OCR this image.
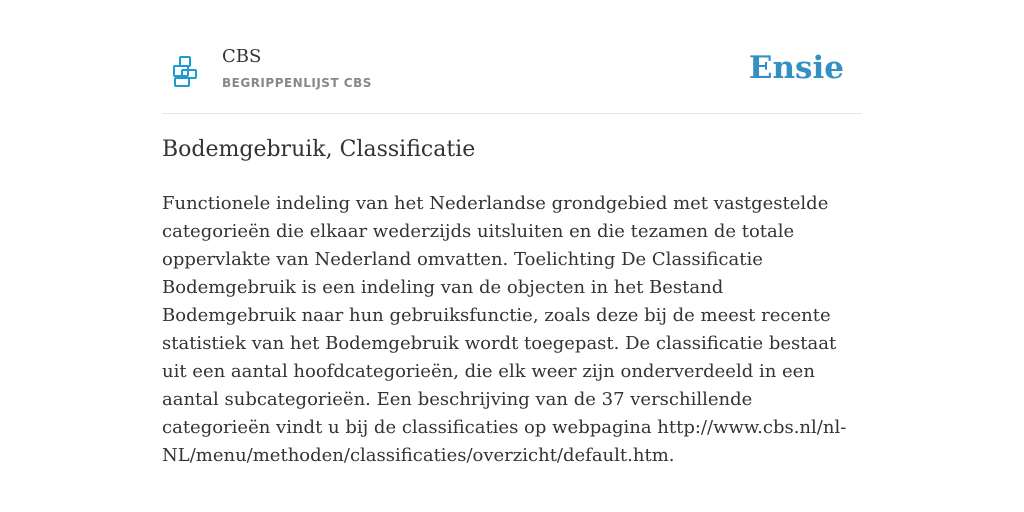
CBS
BEGRIPPENLIJST CBS	Ensie
Bodemgebruik, Classificatie

Functionele indeling van het Nederlandse grondgebied met vastgestelde categorieën die elkaar wederzijds uitsluiten en die tezamen de totale oppervlakte van Nederland omvatten. Toelichting De Classificatie Bodemgebruik is een indeling van de objecten in het Bestand Bodemgebruik naar hun gebruiksfunctie, zoals deze bij de meest recente statistiek van het Bodemgebruik wordt toegepast. De classificatie bestaat uit een aantal hoofdcategorieën, die elk weer zijn onderverdeeld in een aantal subcategorieën. Een beschrijving van de 37 verschillende categorieën vindt u bij de classificaties op webpagina http://www.cbs.nl/nl- NL/menu/methoden/classificaties/overzicht/default.htm.
